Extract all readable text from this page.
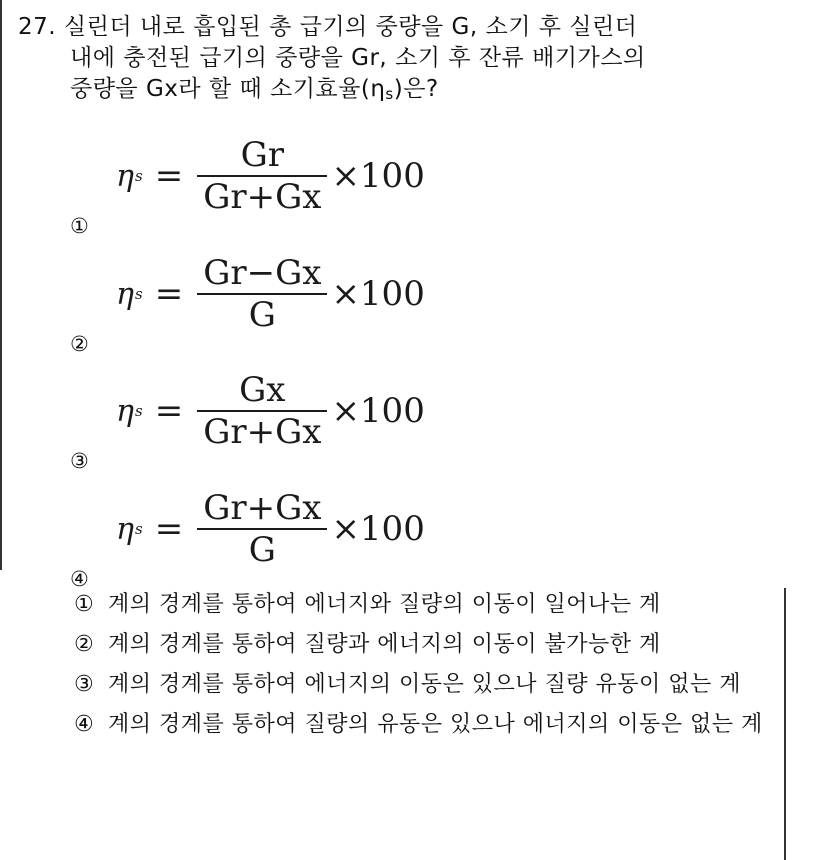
27. 실린더 내로 흡입된 총 급기의 중량을 G, 소기 후 실린더
내에 충전된 급기의 중량을 Gr, 소기 후 잔류 배기가스의
중량을 Gx라 할 때 소기효율(ηs)은?
①
η $s = \frac{Gr}{Gr+Gx} \times 100$
②
η $s = \frac{Gr-Gx}{G} \times 100$
③
η $s = \frac{Gx}{Gr+Gx} \times 100$
④
η $s = \frac{Gr+Gx}{G} \times 100$
① 계의 경계를 통하여 에너지와 질량의 이동이 일어나는 계
② 계의 경계를 통하여 질량과 에너지의 이동이 불가능한 계
③ 계의 경계를 통하여 에너지의 이동은 있으나 질량 유동이 없는 계
④ 계의 경계를 통하여 질량의 유동은 있으나 에너지의 이동은 없는 계
